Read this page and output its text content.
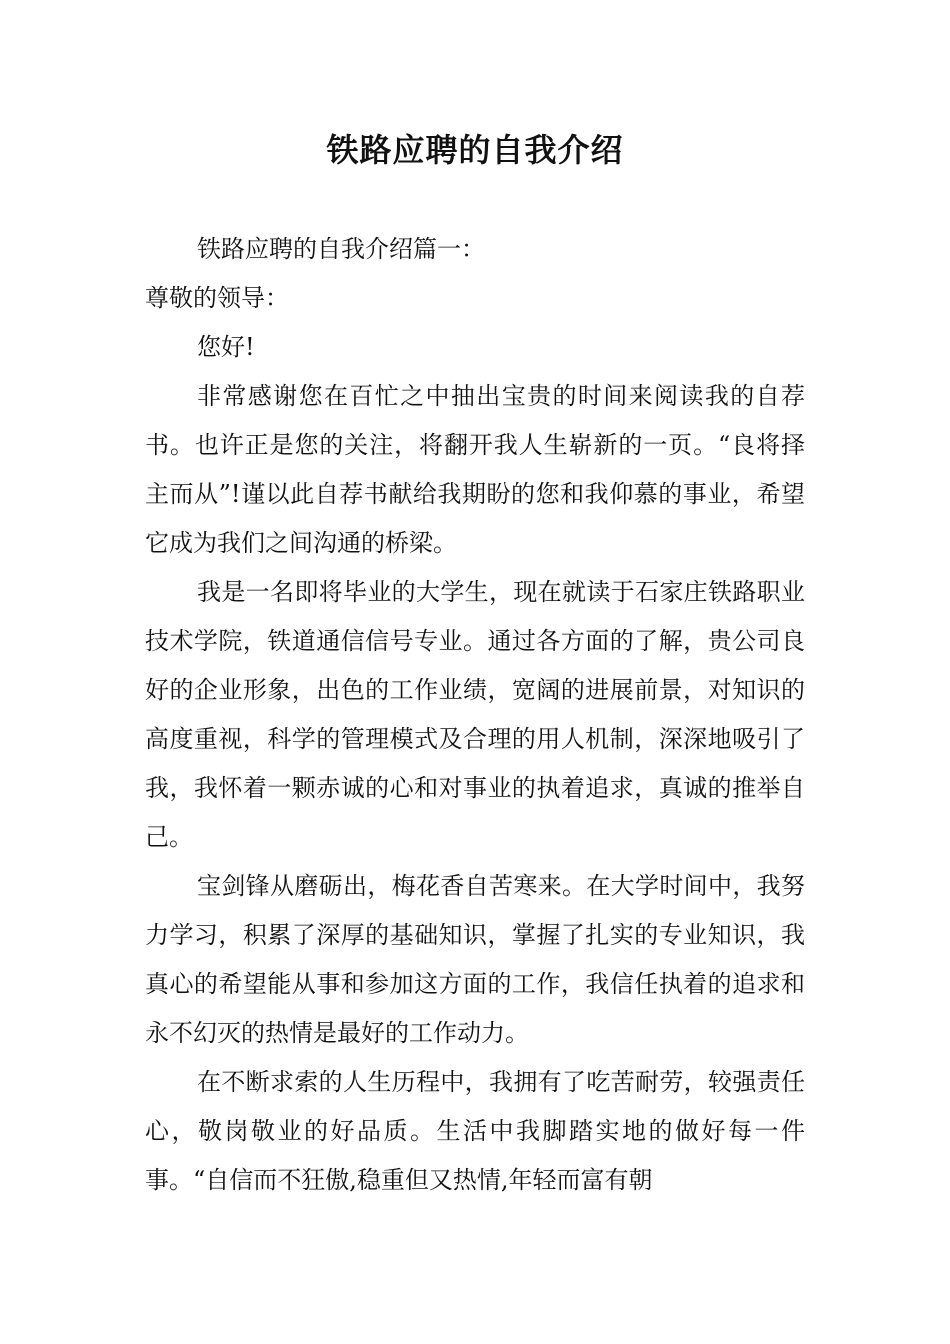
铁路应聘的自我介绍

铁路应聘的自我介绍篇一：

尊敬的领导：

您好!

非常感谢您在百忙之中抽出宝贵的时间来阅读我的自荐书。也许正是您的关注，将翻开我人生崭新的一页。“良将择主而从”!谨以此自荐书献给我期盼的您和我仰慕的事业，希望它成为我们之间沟通的桥梁。

我是一名即将毕业的大学生，现在就读于石家庄铁路职业技术学院，铁道通信信号专业。通过各方面的了解，贵公司良好的企业形象，出色的工作业绩，宽阔的进展前景，对知识的高度重视，科学的管理模式及合理的用人机制，深深地吸引了我，我怀着一颗赤诚的心和对事业的执着追求，真诚的推举自己。

宝剑锋从磨砺出，梅花香自苦寒来。在大学时间中，我努力学习，积累了深厚的基础知识，掌握了扎实的专业知识，我真心的希望能从事和参加这方面的工作，我信任执着的追求和永不幻灭的热情是最好的工作动力。

在不断求索的人生历程中，我拥有了吃苦耐劳，较强责任心，敬岗敬业的好品质。生活中我脚踏实地的做好每一件事。“自信而不狂傲,稳重但又热情,年轻而富有朝
